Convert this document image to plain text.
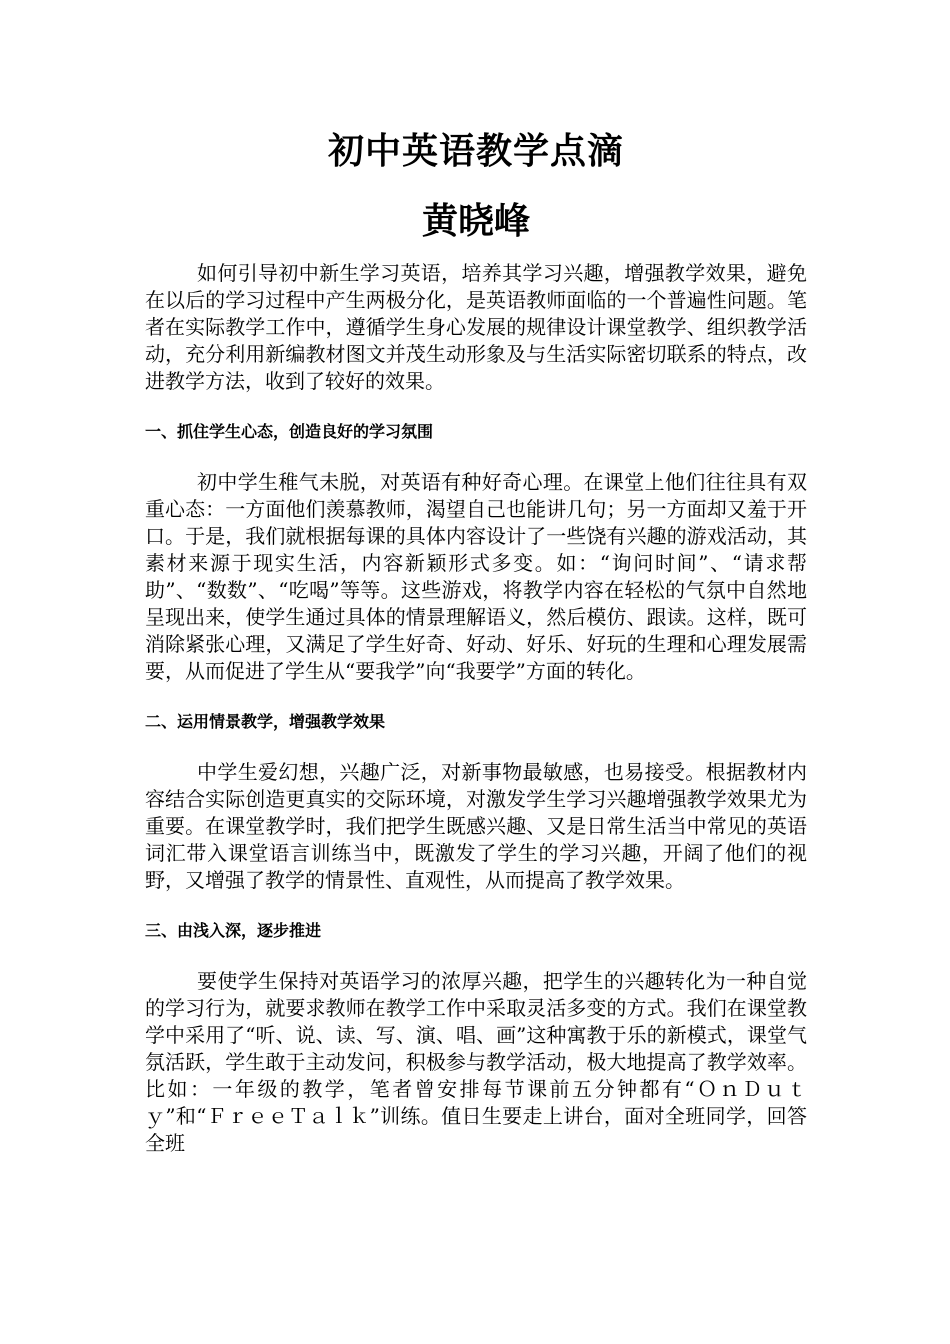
初中英语教学点滴
黄晓峰

如何引导初中新生学习英语，培养其学习兴趣，增强教学效果，避免在以后的学习过程中产生两极分化，是英语教师面临的一个普遍性问题。笔者在实际教学工作中，遵循学生身心发展的规律设计课堂教学、组织教学活动，充分利用新编教材图文并茂生动形象及与生活实际密切联系的特点，改进教学方法，收到了较好的效果。

一、抓住学生心态，创造良好的学习氛围

初中学生稚气未脱，对英语有种好奇心理。在课堂上他们往往具有双重心态：一方面他们羡慕教师，渴望自己也能讲几句；另一方面却又羞于开口。于是，我们就根据每课的具体内容设计了一些饶有兴趣的游戏活动，其素材来源于现实生活，内容新颖形式多变。如：“询问时间”、“请求帮助”、“数数”、“吃喝”等等。这些游戏，将教学内容在轻松的气氛中自然地呈现出来，使学生通过具体的情景理解语义，然后模仿、跟读。这样，既可消除紧张心理，又满足了学生好奇、好动、好乐、好玩的生理和心理发展需要，从而促进了学生从“要我学”向“我要学”方面的转化。

二、运用情景教学，增强教学效果

中学生爱幻想，兴趣广泛，对新事物最敏感，也易接受。根据教材内容结合实际创造更真实的交际环境，对激发学生学习兴趣增强教学效果尤为重要。在课堂教学时，我们把学生既感兴趣、又是日常生活当中常见的英语词汇带入课堂语言训练当中，既激发了学生的学习兴趣，开阔了他们的视野，又增强了教学的情景性、直观性，从而提高了教学效果。

三、由浅入深，逐步推进

要使学生保持对英语学习的浓厚兴趣，把学生的兴趣转化为一种自觉的学习行为，就要求教师在教学工作中采取灵活多变的方式。我们在课堂教学中采用了“听、说、读、写、演、唱、画”这种寓教于乐的新模式，课堂气氛活跃，学生敢于主动发问，积极参与教学活动，极大地提高了教学效率。比如：一年级的教学，笔者曾安排每节课前五分钟都有“ＯｎＤｕｔｙ”和“ＦｒｅｅＴａｌｋ”训练。值日生要走上讲台，面对全班同学，回答全班
